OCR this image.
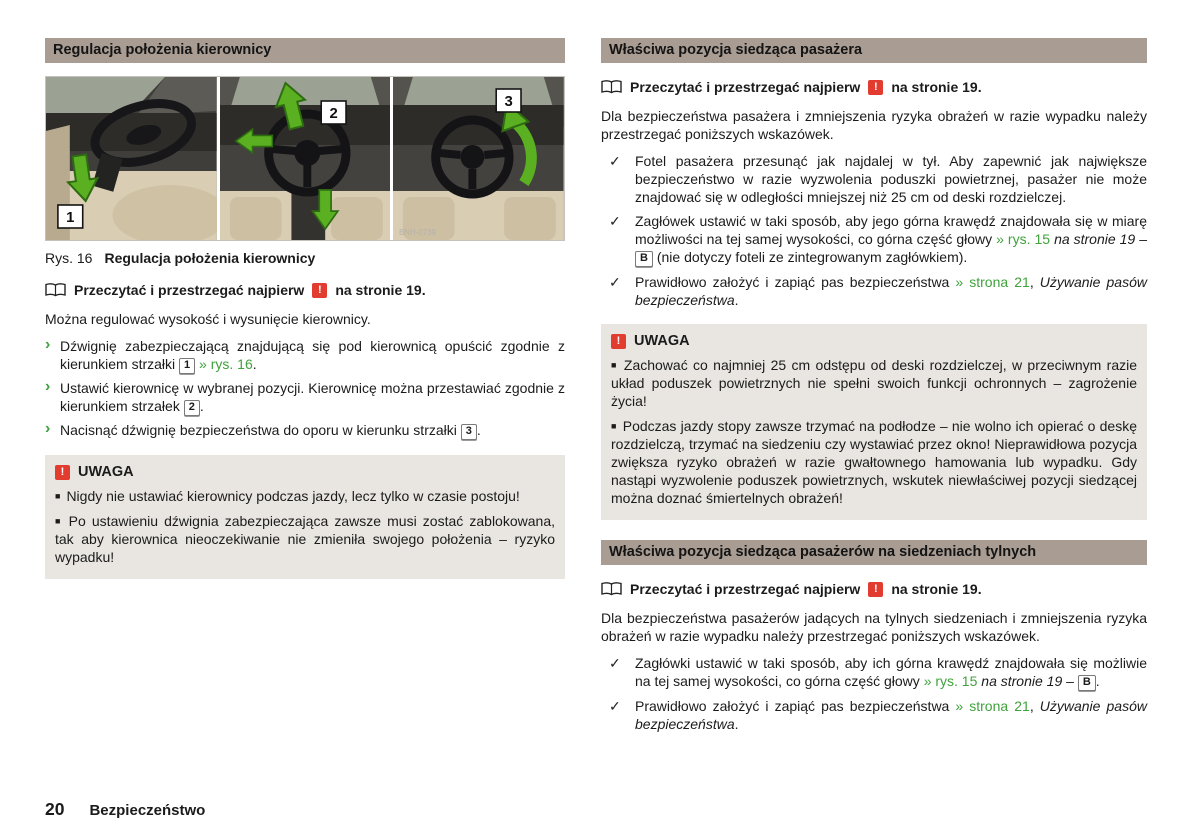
Regulacja położenia kierownicy
1
2
3
BNH-0739
Rys. 16 Regulacja położenia kierownicy
Przeczytać i przestrzegać najpierw	! na stronie 19.

Można regulować wysokość i wysunięcie kierownicy.

› Dźwignię zabezpieczającą znajdującą się pod kierownicą opuścić zgodnie z kierunkiem strzałki 1 » rys. 16.
› Ustawić kierownicę w wybranej pozycji. Kierownicę można przestawiać zgodnie z kierunkiem strzałek 2 .
› Nacisnąć dźwignię bezpieczeństwa do oporu w kierunku strzałki 3 .
! UWAGA

■ Nigdy nie ustawiać kierownicy podczas jazdy, lecz tylko w czasie postoju!

■ Po ustawieniu dźwignia zabezpieczająca zawsze musi zostać zablokowana, tak aby kierownica nieoczekiwanie nie zmieniła swojego położenia – ryzyko wypadku!

Właściwa pozycja siedząca pasażera
Przeczytać i przestrzegać najpierw	! na stronie 19.

Dla bezpieczeństwa pasażera i zmniejszenia ryzyka obrażeń w razie wypadku należy przestrzegać poniższych wskazówek.

✓ Fotel pasażera przesunąć jak najdalej w tył. Aby zapewnić jak największe bezpieczeństwo w razie wyzwolenia poduszki powietrznej, pasażer nie może znajdować się w odległości mniejszej niż 25 cm od deski rozdzielczej.
✓ Zagłówek ustawić w taki sposób, aby jego górna krawędź znajdowała się w miarę możliwości na tej samej wysokości, co górna część głowy » rys. 15 na stronie 19 – B (nie dotyczy foteli ze zintegrowanym zagłówkiem).
✓ Prawidłowo założyć i zapiąć pas bezpieczeństwa » strona 21, Używanie pasów bezpieczeństwa.
! UWAGA

■ Zachować co najmniej 25 cm odstępu od deski rozdzielczej, w przeciwnym razie układ poduszek powietrznych nie spełni swoich funkcji ochronnych – zagrożenie życia!

■ Podczas jazdy stopy zawsze trzymać na podłodze – nie wolno ich opierać o deskę rozdzielczą, trzymać na siedzeniu czy wystawiać przez okno! Nieprawidłowa pozycja zwiększa ryzyko obrażeń w razie gwałtownego hamowania lub wypadku. Gdy nastąpi wyzwolenie poduszek powietrznych, wskutek niewłaściwej pozycji siedzącej można doznać śmiertelnych obrażeń!

Właściwa pozycja siedząca pasażerów na siedzeniach tylnych
Przeczytać i przestrzegać najpierw	! na stronie 19.

Dla bezpieczeństwa pasażerów jadących na tylnych siedzeniach i zmniejszenia ryzyka obrażeń w razie wypadku należy przestrzegać poniższych wskazówek.

✓ Zagłówki ustawić w taki sposób, aby ich górna krawędź znajdowała się możliwie na tej samej wysokości, co górna część głowy » rys. 15 na stronie 19 – B .
✓ Prawidłowo założyć i zapiąć pas bezpieczeństwa » strona 21, Używanie pasów bezpieczeństwa.
20 Bezpieczeństwo
